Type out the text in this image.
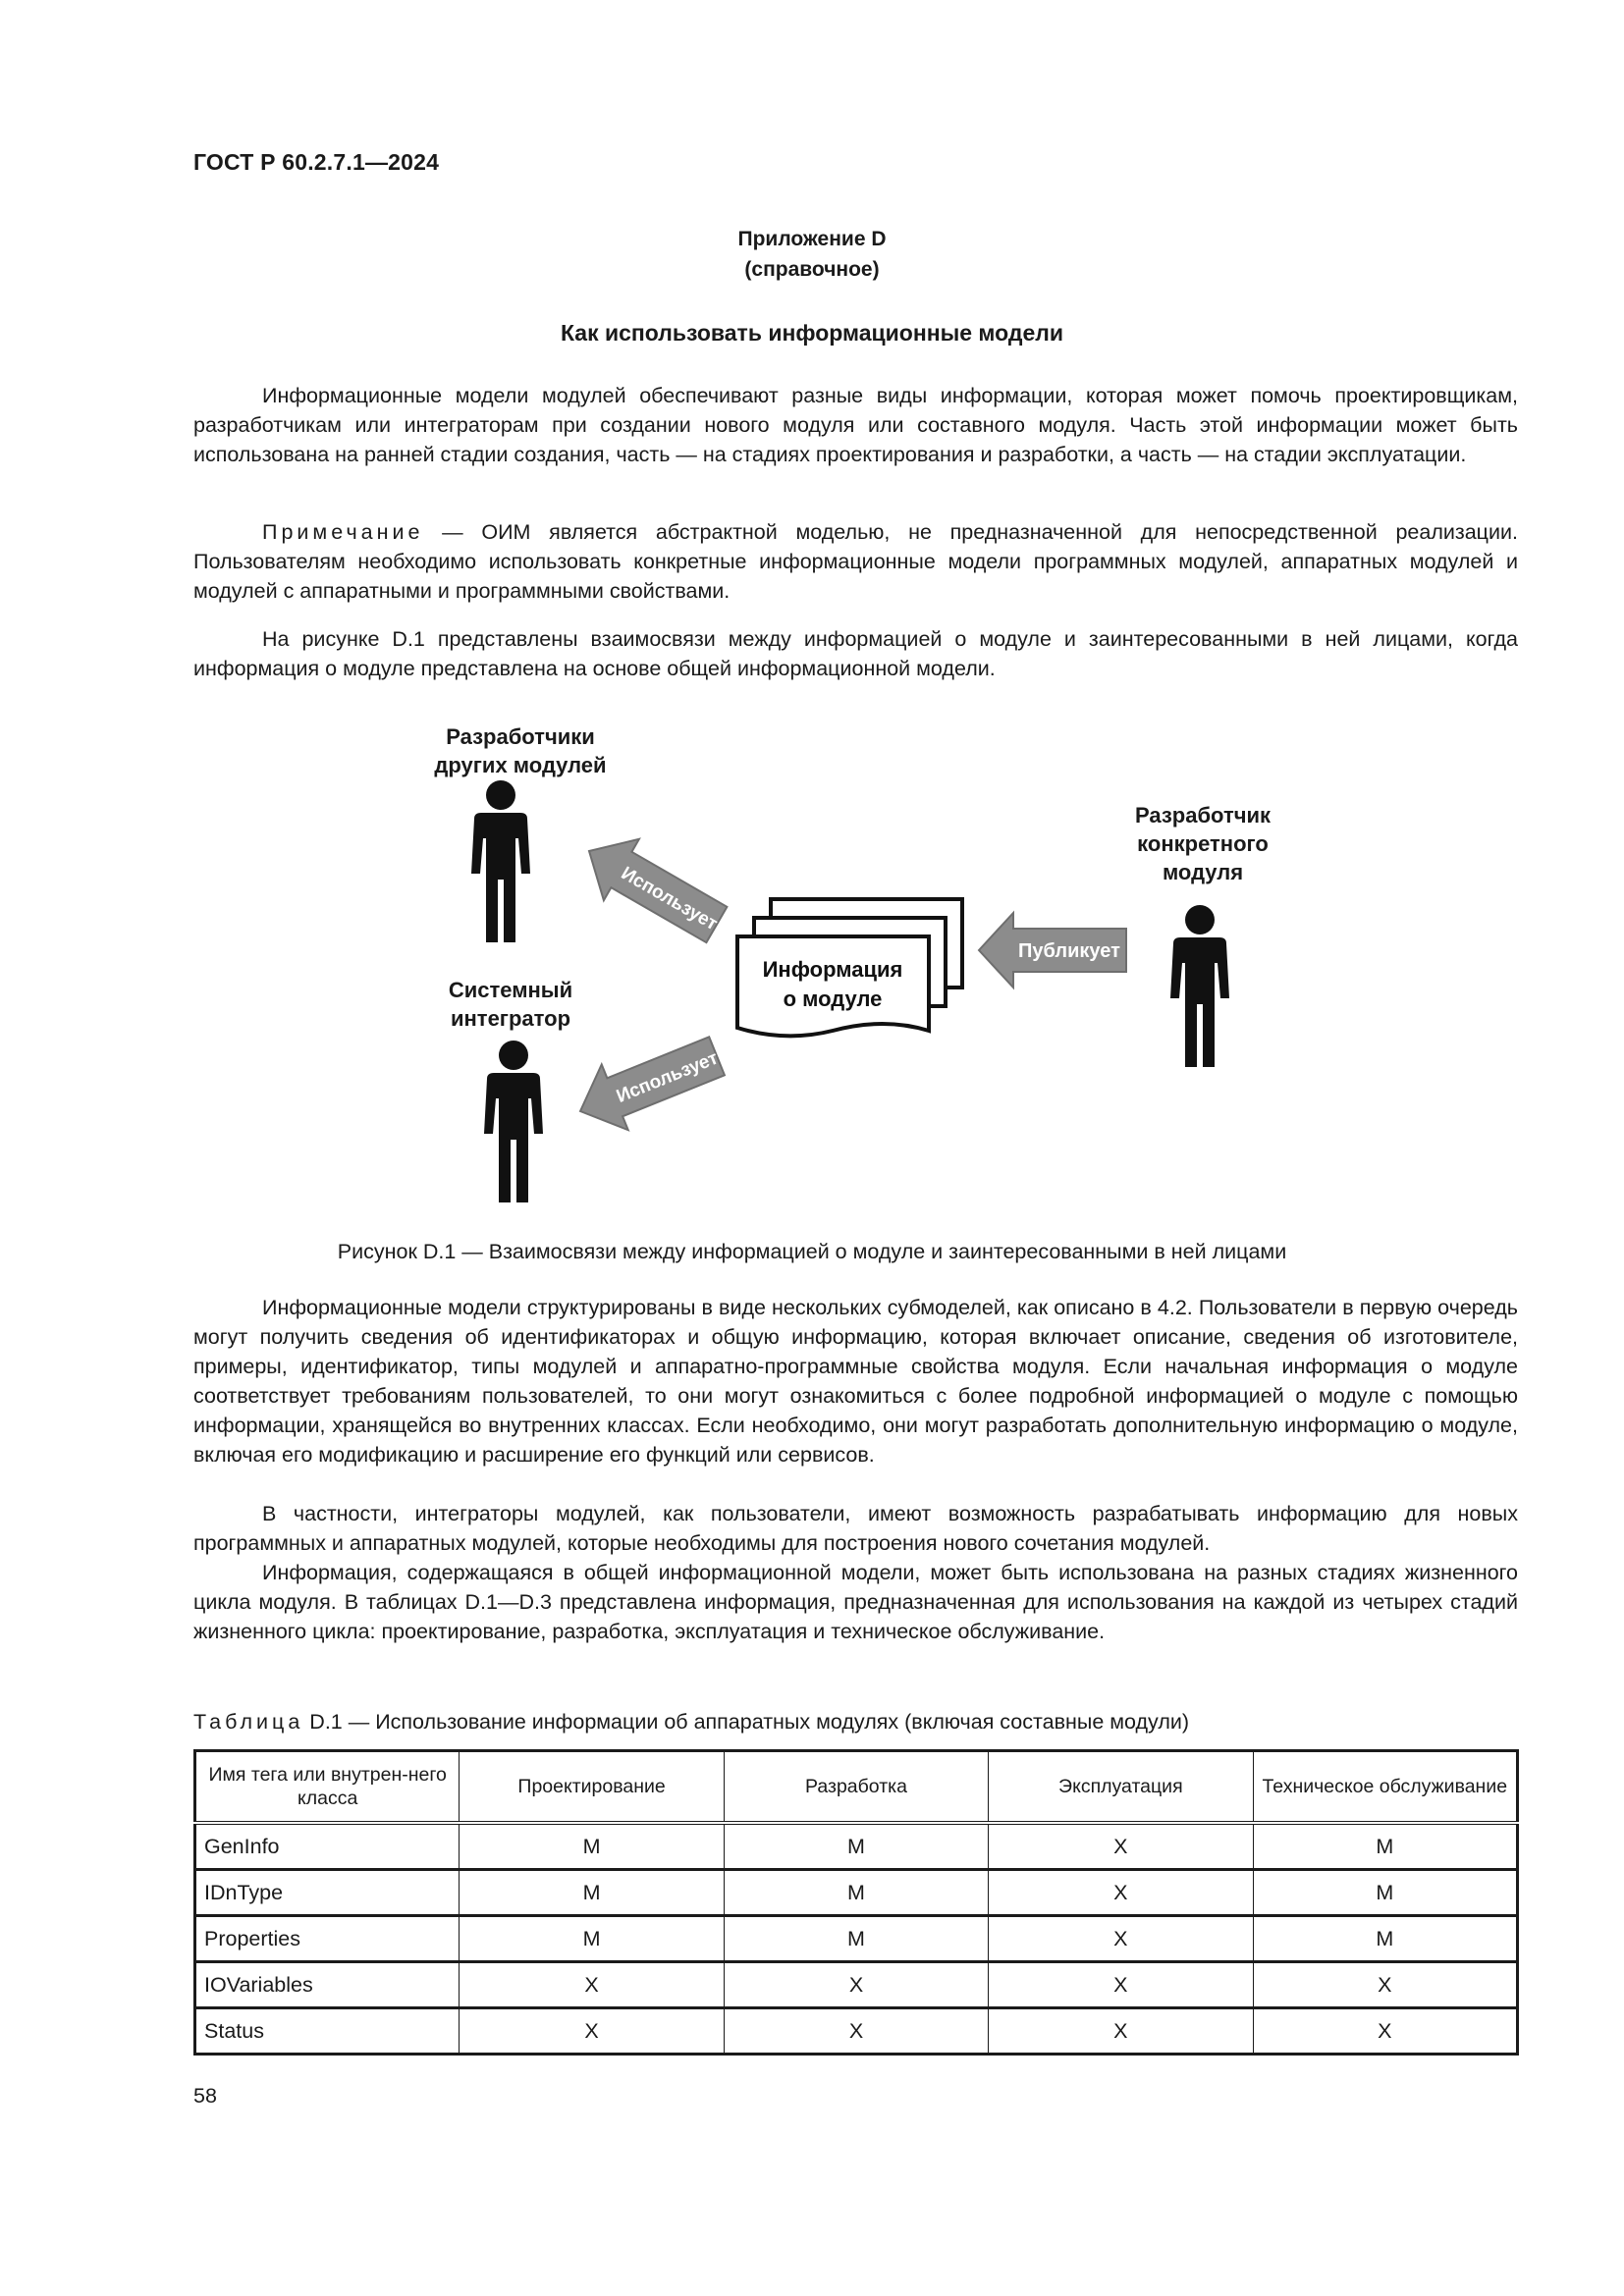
ГОСТ Р 60.2.7.1—2024
Приложение D
(справочное)
Как использовать информационные модели

Информационные модели модулей обеспечивают разные виды информации, которая может помочь проектировщикам, разработчикам или интеграторам при создании нового модуля или составного модуля. Часть этой информации может быть использована на ранней стадии создания, часть — на стадиях проектирования и разработки, а часть — на стадии эксплуатации.

Примечание — ОИМ является абстрактной моделью, не предназначенной для непосредственной реализации. Пользователям необходимо использовать конкретные информационные модели программных модулей, аппаратных модулей и модулей с аппаратными и программными свойствами.

На рисунке D.1 представлены взаимосвязи между информацией о модуле и заинтересованными в ней лицами, когда информация о модуле представлена на основе общей информационной модели.

Разработчики
других модулей
Разработчик
конкретного
модуля
Системный
интегратор
Информация
о модуле
Публикует
Использует
Использует
Рисунок D.1 — Взаимосвязи между информацией о модуле и заинтересованными в ней лицами

Информационные модели структурированы в виде нескольких субмоделей, как описано в 4.2. Пользователи в первую очередь могут получить сведения об идентификаторах и общую информацию, которая включает описание, сведения об изготовителе, примеры, идентификатор, типы модулей и аппаратно-программные свойства модуля. Если начальная информация о модуле соответствует требованиям пользователей, то они могут ознакомиться с более подробной информацией о модуле с помощью информации, хранящейся во внутренних классах. Если необходимо, они могут разработать дополнительную информацию о модуле, включая его модификацию и расширение его функций или сервисов.

В частности, интеграторы модулей, как пользователи, имеют возможность разрабатывать информацию для новых программных и аппаратных модулей, которые необходимы для построения нового сочетания модулей.

Информация, содержащаяся в общей информационной модели, может быть использована на разных стадиях жизненного цикла модуля. В таблицах D.1—D.3 представлена информация, предназначенная для использования на каждой из четырех стадий жизненного цикла: проектирование, разработка, эксплуатация и техническое обслуживание.

Таблица D.1 — Использование информации об аппаратных модулях (включая составные модули)
Имя тега или внутрен-него класса	Проектирование	Разработка	Эксплуатация	Техническое обслуживание
GenInfo	M	M	X	M
IDnType	M	M	X	M
Properties	M	M	X	M
IOVariables	X	X	X	X
Status	X	X	X	X
58
